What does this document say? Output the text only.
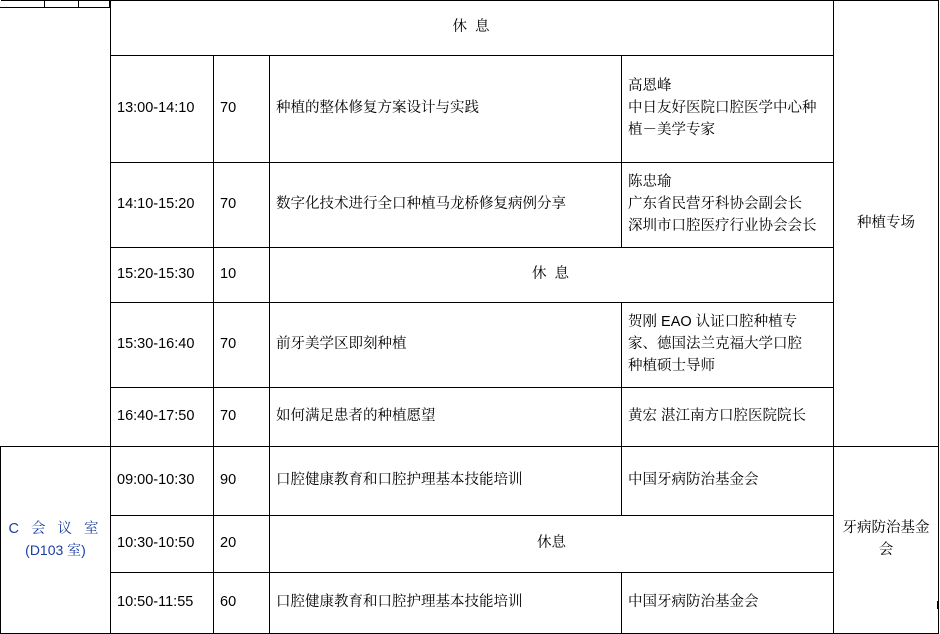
	休 息				种植专场
	13:00-14:10	70	种植的整体修复方案设计与实践	高恩峰
中日友好医院口腔医学中心种
植－美学专家	

	14:10-15:20	70	数字化技术进行全口种植马龙桥修复病例分享	陈忠瑜
广东省民营牙科协会副会长
深圳市口腔医疗行业协会会长	

	15:20-15:30	10	休 息		
	15:30-16:40	70	前牙美学区即刻种植	贺刚 EAO 认证口腔种植专
家、德国法兰克福大学口腔
种植硕士导师	

	16:40-17:50	70	如何满足患者的种植愿望	黄宏 湛江南方口腔医院院长	

C 会 议 室
(D103 室)	09:00-10:30	90	口腔健康教育和口腔护理基本技能培训	中国牙病防治基金会	牙病防治基金会
	10:30-10:50	20	休息		
	10:50-11:55	60	口腔健康教育和口腔护理基本技能培训	中国牙病防治基金会	
